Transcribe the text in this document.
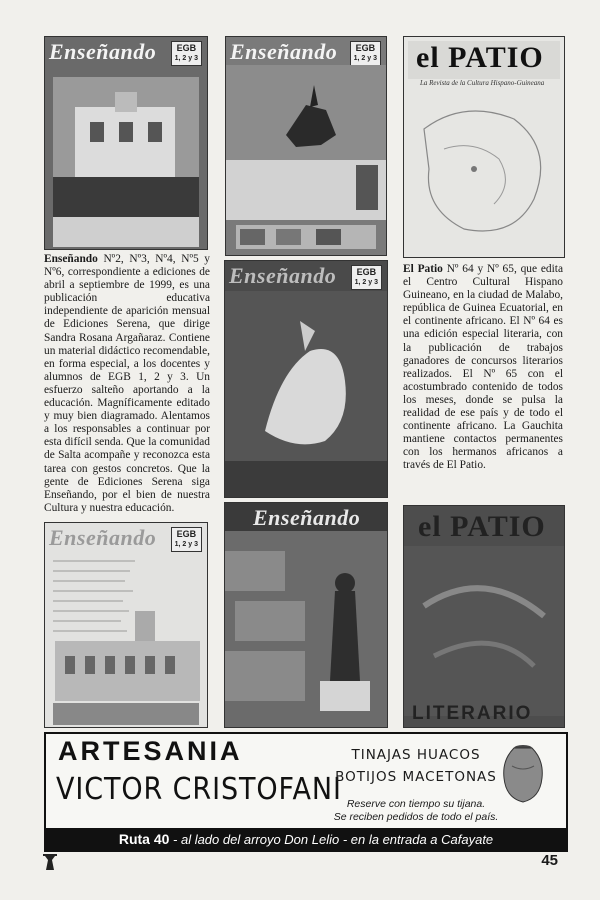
Enseñando	EGB
1, 2 y 3 Enseñando	EGB
1, 2 y 3 el PATIO
La Revista de la Cultura Hispano-Guineana
Enseñando Nº2, Nº3, Nº4, Nº5 y Nº6, correspondiente a ediciones de abril a septiembre de 1999, es una publicación educativa independiente de aparición mensual de Ediciones Serena, que dirige Sandra Rosana Argañaraz. Contiene un material didáctico recomendable, en forma especial, a los docentes y alumnos de EGB 1, 2 y 3. Un esfuerzo salteño aportando a la educación. Magníficamente editado y muy bien diagramado. Alentamos a los responsables a continuar por esta difícil senda. Que la comunidad de Salta acompañe y reconozca esta tarea con gestos concretos. Que la gente de Ediciones Serena siga Enseñando, por el bien de nuestra Cultura y nuestra educación.
Enseñando	EGB
1, 2 y 3
El Patio Nº 64 y Nº 65, que edita el Centro Cultural Hispano Guineano, en la ciudad de Malabo, república de Guinea Ecuatorial, en el continente africano. El Nº 64 es una edición especial literaria, con la publicación de trabajos ganadores de concursos literarios realizados. El Nº 65 con el acostumbrado contenido de todos los meses, donde se pulsa la realidad de ese país y de todo el continente africano. La Gauchita mantiene contactos permanentes con los hermanos africanos a través de El Patio.
Enseñando	EGB
1, 2 y 3
Enseñando el PATIO
LITERARIO
ARTESANIA
VICTOR CRISTOFANI
TINAJAS HUACOS
BOTIJOS MACETONAS
Reserve con tiempo su tijana.
Se reciben pedidos de todo el país.
Ruta 40 - al lado del arroyo Don Lelio - en la entrada a Cafayate
45
